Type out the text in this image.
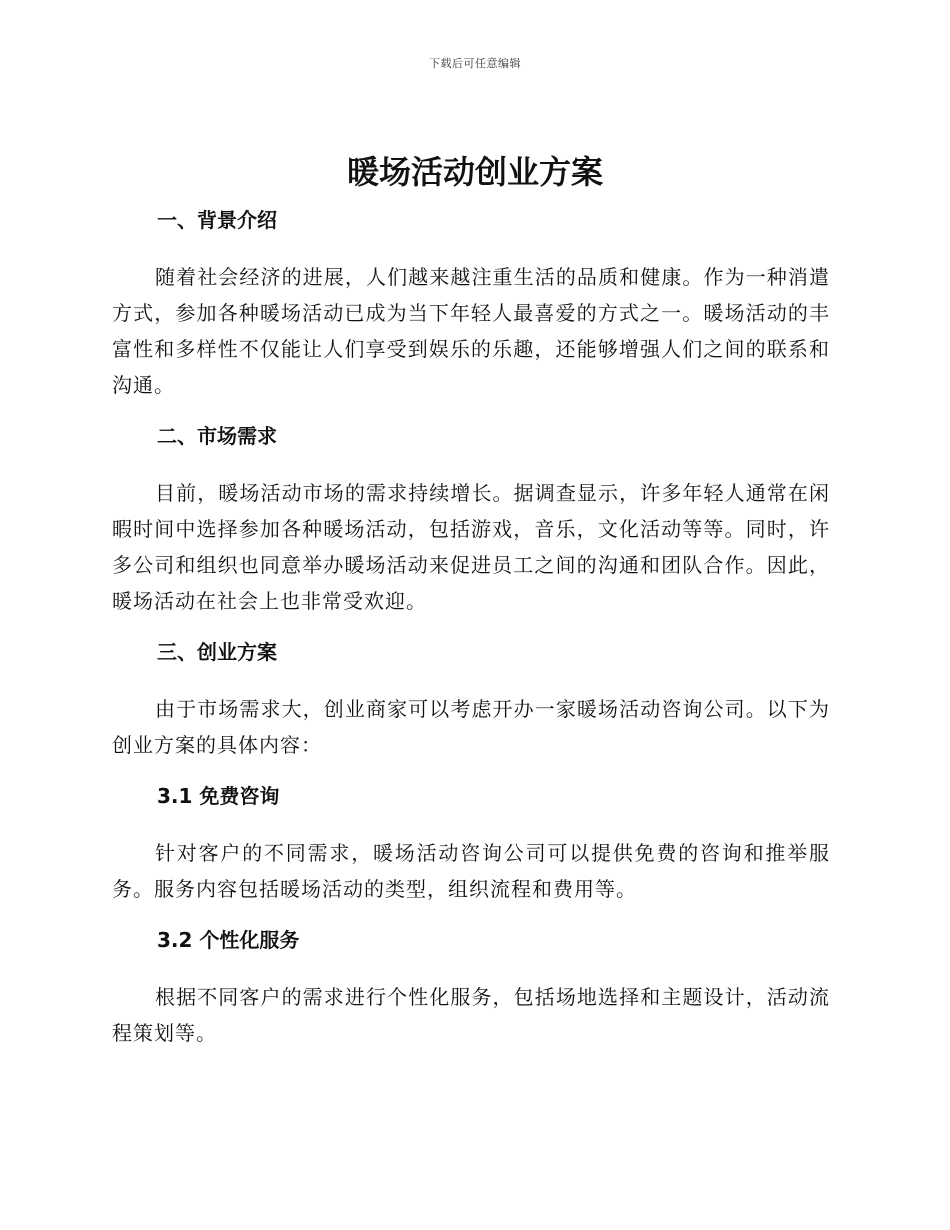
下载后可任意编辑
暖场活动创业方案
一、背景介绍

随着社会经济的进展，人们越来越注重生活的品质和健康。作为一种消遣方式，参加各种暖场活动已成为当下年轻人最喜爱的方式之一。暖场活动的丰富性和多样性不仅能让人们享受到娱乐的乐趣，还能够增强人们之间的联系和沟通。

二、市场需求

目前，暖场活动市场的需求持续增长。据调查显示，许多年轻人通常在闲暇时间中选择参加各种暖场活动，包括游戏，音乐，文化活动等等。同时，许多公司和组织也同意举办暖场活动来促进员工之间的沟通和团队合作。因此，暖场活动在社会上也非常受欢迎。

三、创业方案

由于市场需求大，创业商家可以考虑开办一家暖场活动咨询公司。以下为创业方案的具体内容：

3.1 免费咨询

针对客户的不同需求，暖场活动咨询公司可以提供免费的咨询和推举服务。服务内容包括暖场活动的类型，组织流程和费用等。

3.2 个性化服务

根据不同客户的需求进行个性化服务，包括场地选择和主题设计，活动流程策划等。
